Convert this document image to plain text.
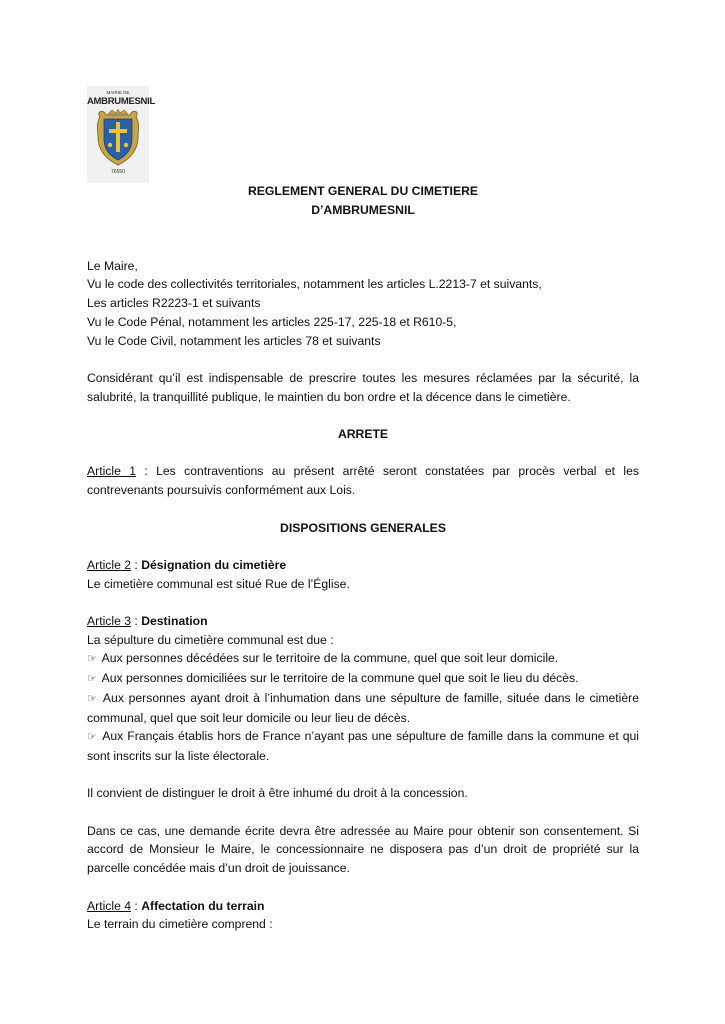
MAIRIE DE
AMBRUMESNIL
76550

REGLEMENT GENERAL DU CIMETIERE

D’AMBRUMESNIL

Le Maire,

Vu le code des collectivités territoriales, notamment les articles L.2213-7 et suivants,

Les articles R2223-1 et suivants

Vu le Code Pénal, notamment les articles 225-17, 225-18 et R610-5,

Vu le Code Civil, notamment les articles 78 et suivants

Considérant qu’il est indispensable de prescrire toutes les mesures réclamées par la sécurité, la salubrité, la tranquillité publique, le maintien du bon ordre et la décence dans le cimetière.

ARRETE

Article 1 : Les contraventions au présent arrêté seront constatées par procès verbal et les contrevenants poursuivis conformément aux Lois.

DISPOSITIONS GENERALES

Article 2 : Désignation du cimetière

Le cimetière communal est situé Rue de l’Église.

Article 3 : Destination

La sépulture du cimetière communal est due :

☞ Aux personnes décédées sur le territoire de la commune, quel que soit leur domicile.

☞ Aux personnes domiciliées sur le territoire de la commune quel que soit le lieu du décès.

☞ Aux personnes ayant droit à l’inhumation dans une sépulture de famille, située dans le cimetière communal, quel que soit leur domicile ou leur lieu de décès.

☞ Aux Français établis hors de France n’ayant pas une sépulture de famille dans la commune et qui sont inscrits sur la liste électorale.

Il convient de distinguer le droit à être inhumé du droit à la concession.

Dans ce cas, une demande écrite devra être adressée au Maire pour obtenir son consentement. Si accord de Monsieur le Maire, le concessionnaire ne disposera pas d’un droit de propriété sur la parcelle concédée mais d’un droit de jouissance.

Article 4 : Affectation du terrain

Le terrain du cimetière comprend :
